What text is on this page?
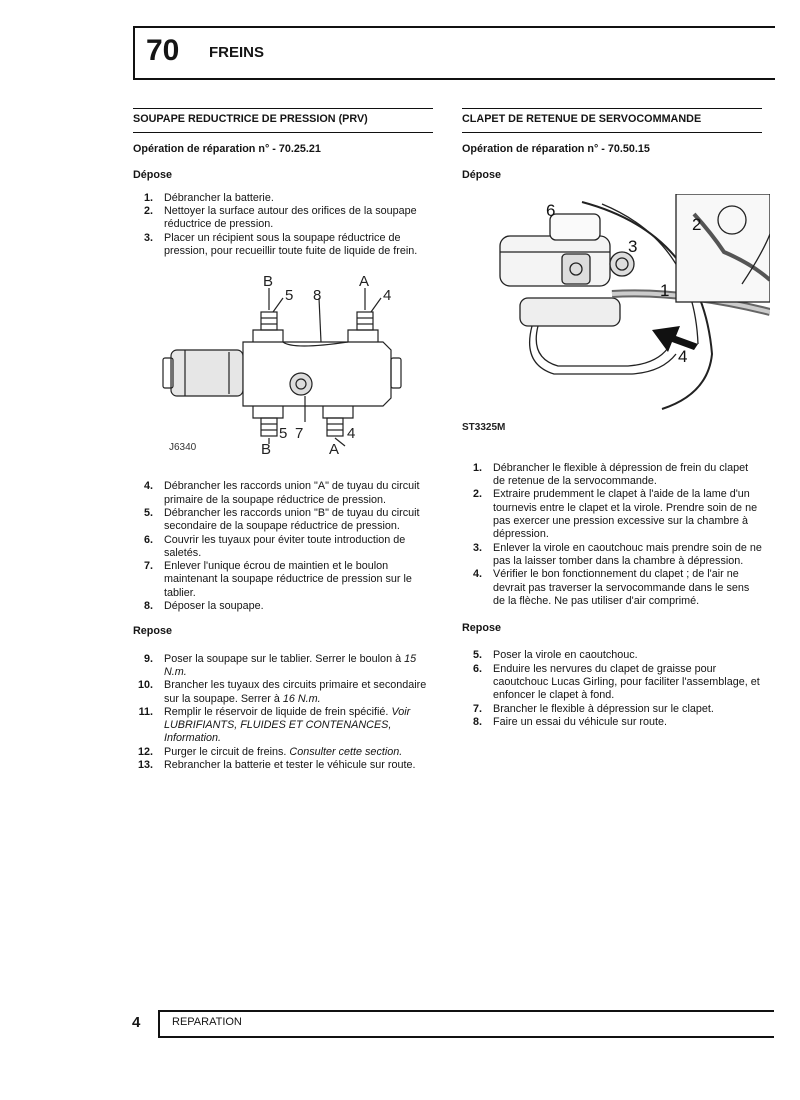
70 FREINS
SOUPAPE REDUCTRICE DE PRESSION (PRV)
Opération de réparation n° - 70.25.21
Dépose
1. Débrancher la batterie.
2. Nettoyer la surface autour des orifices de la soupape réductrice de pression.
3. Placer un récipient sous la soupape réductrice de pression, pour recueillir toute fuite de liquide de frein.
B	A
5 8	4
5 7	4
B	A
J6340
4. Débrancher les raccords union "A" de tuyau du circuit primaire de la soupape réductrice de pression.
5. Débrancher les raccords union "B" de tuyau du circuit secondaire de la soupape réductrice de pression.
6. Couvrir les tuyaux pour éviter toute introduction de saletés.
7. Enlever l'unique écrou de maintien et le boulon maintenant la soupape réductrice de pression sur le tablier.
8. Déposer la soupape.
Repose
9. Poser la soupape sur le tablier. Serrer le boulon à 15 N.m.
10. Brancher les tuyaux des circuits primaire et secondaire sur la soupape. Serrer à 16 N.m.
11. Remplir le réservoir de liquide de frein spécifié. Voir LUBRIFIANTS, FLUIDES ET CONTENANCES, Information.
12. Purger le circuit de freins. Consulter cette section.
13. Rebrancher la batterie et tester le véhicule sur route.
CLAPET DE RETENUE DE SERVOCOMMANDE
Opération de réparation n° - 70.50.15
Dépose
6
2
3
1
4
ST3325M
1. Débrancher le flexible à dépression de frein du clapet de retenue de la servocommande.
2. Extraire prudemment le clapet à l'aide de la lame d'un tournevis entre le clapet et la virole. Prendre soin de ne pas exercer une pression excessive sur la chambre à dépression.
3. Enlever la virole en caoutchouc mais prendre soin de ne pas la laisser tomber dans la chambre à dépression.
4. Vérifier le bon fonctionnement du clapet ; de l'air ne devrait pas traverser la servocommande dans le sens de la flèche. Ne pas utiliser d'air comprimé.
Repose
5. Poser la virole en caoutchouc.
6. Enduire les nervures du clapet de graisse pour caoutchouc Lucas Girling, pour faciliter l'assemblage, et enfoncer le clapet à fond.
7. Brancher le flexible à dépression sur le clapet.
8. Faire un essai du véhicule sur route.
4	REPARATION
